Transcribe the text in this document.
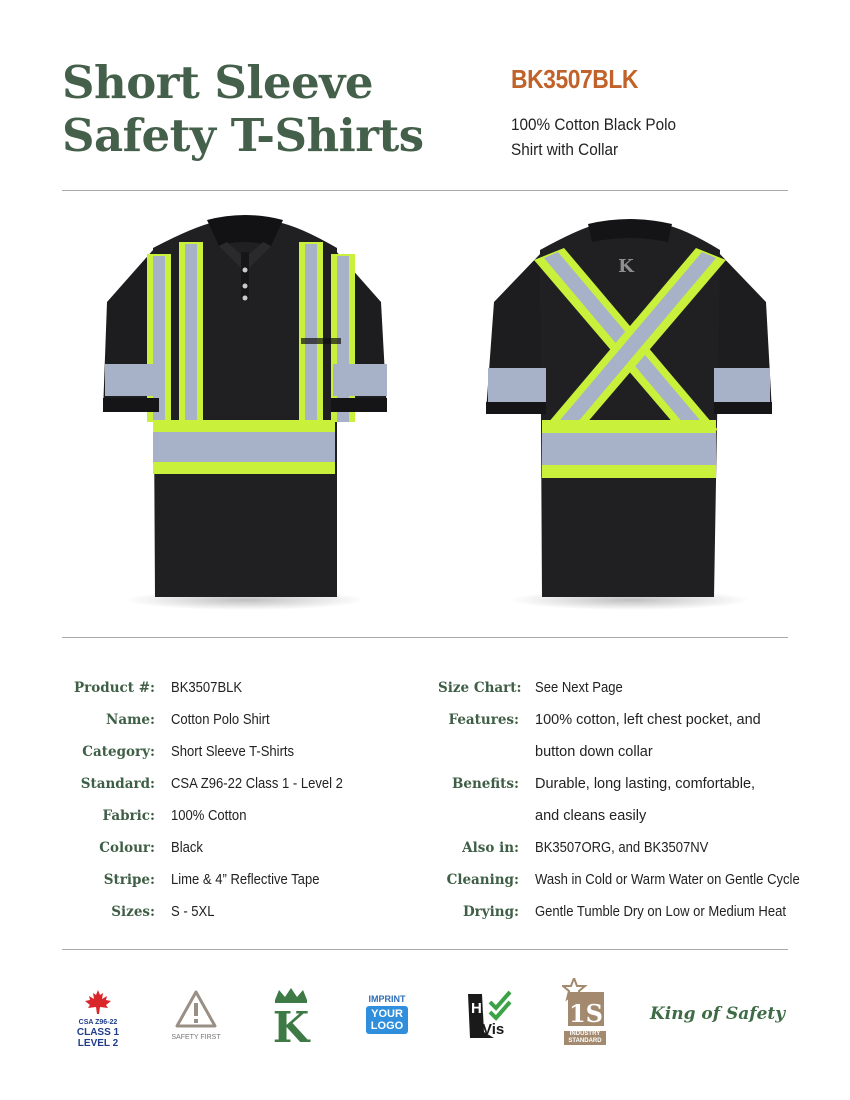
Short Sleeve
Safety T-Shirts
BK3507BLK
100% Cotton Black Polo
Shirt with Collar
K
Product #: BK3507BLK
Name: Cotton Polo Shirt
Category: Short Sleeve T-Shirts
Standard: CSA Z96-22 Class 1 - Level 2
Fabric: 100% Cotton
Colour: Black
Stripe: Lime & 4” Reflective Tape
Sizes: S - 5XL
Size Chart: See Next Page
Features: 100% cotton, left chest pocket, and button down collar
Benefits: Durable, long lasting, comfortable, and cleans easily
Also in: BK3507ORG, and BK3507NV
Cleaning: Wash in Cold or Warm Water on Gentle Cycle
Drying: Gentle Tumble Dry on Low or Medium Heat
CSA Z96-22
CLASS 1
LEVEL 2
SAFETY FIRST K
IMPRINT
YOUR
LOGO
Hi
Vis
1S
INDUSTRY
STANDARD
King of Safety
